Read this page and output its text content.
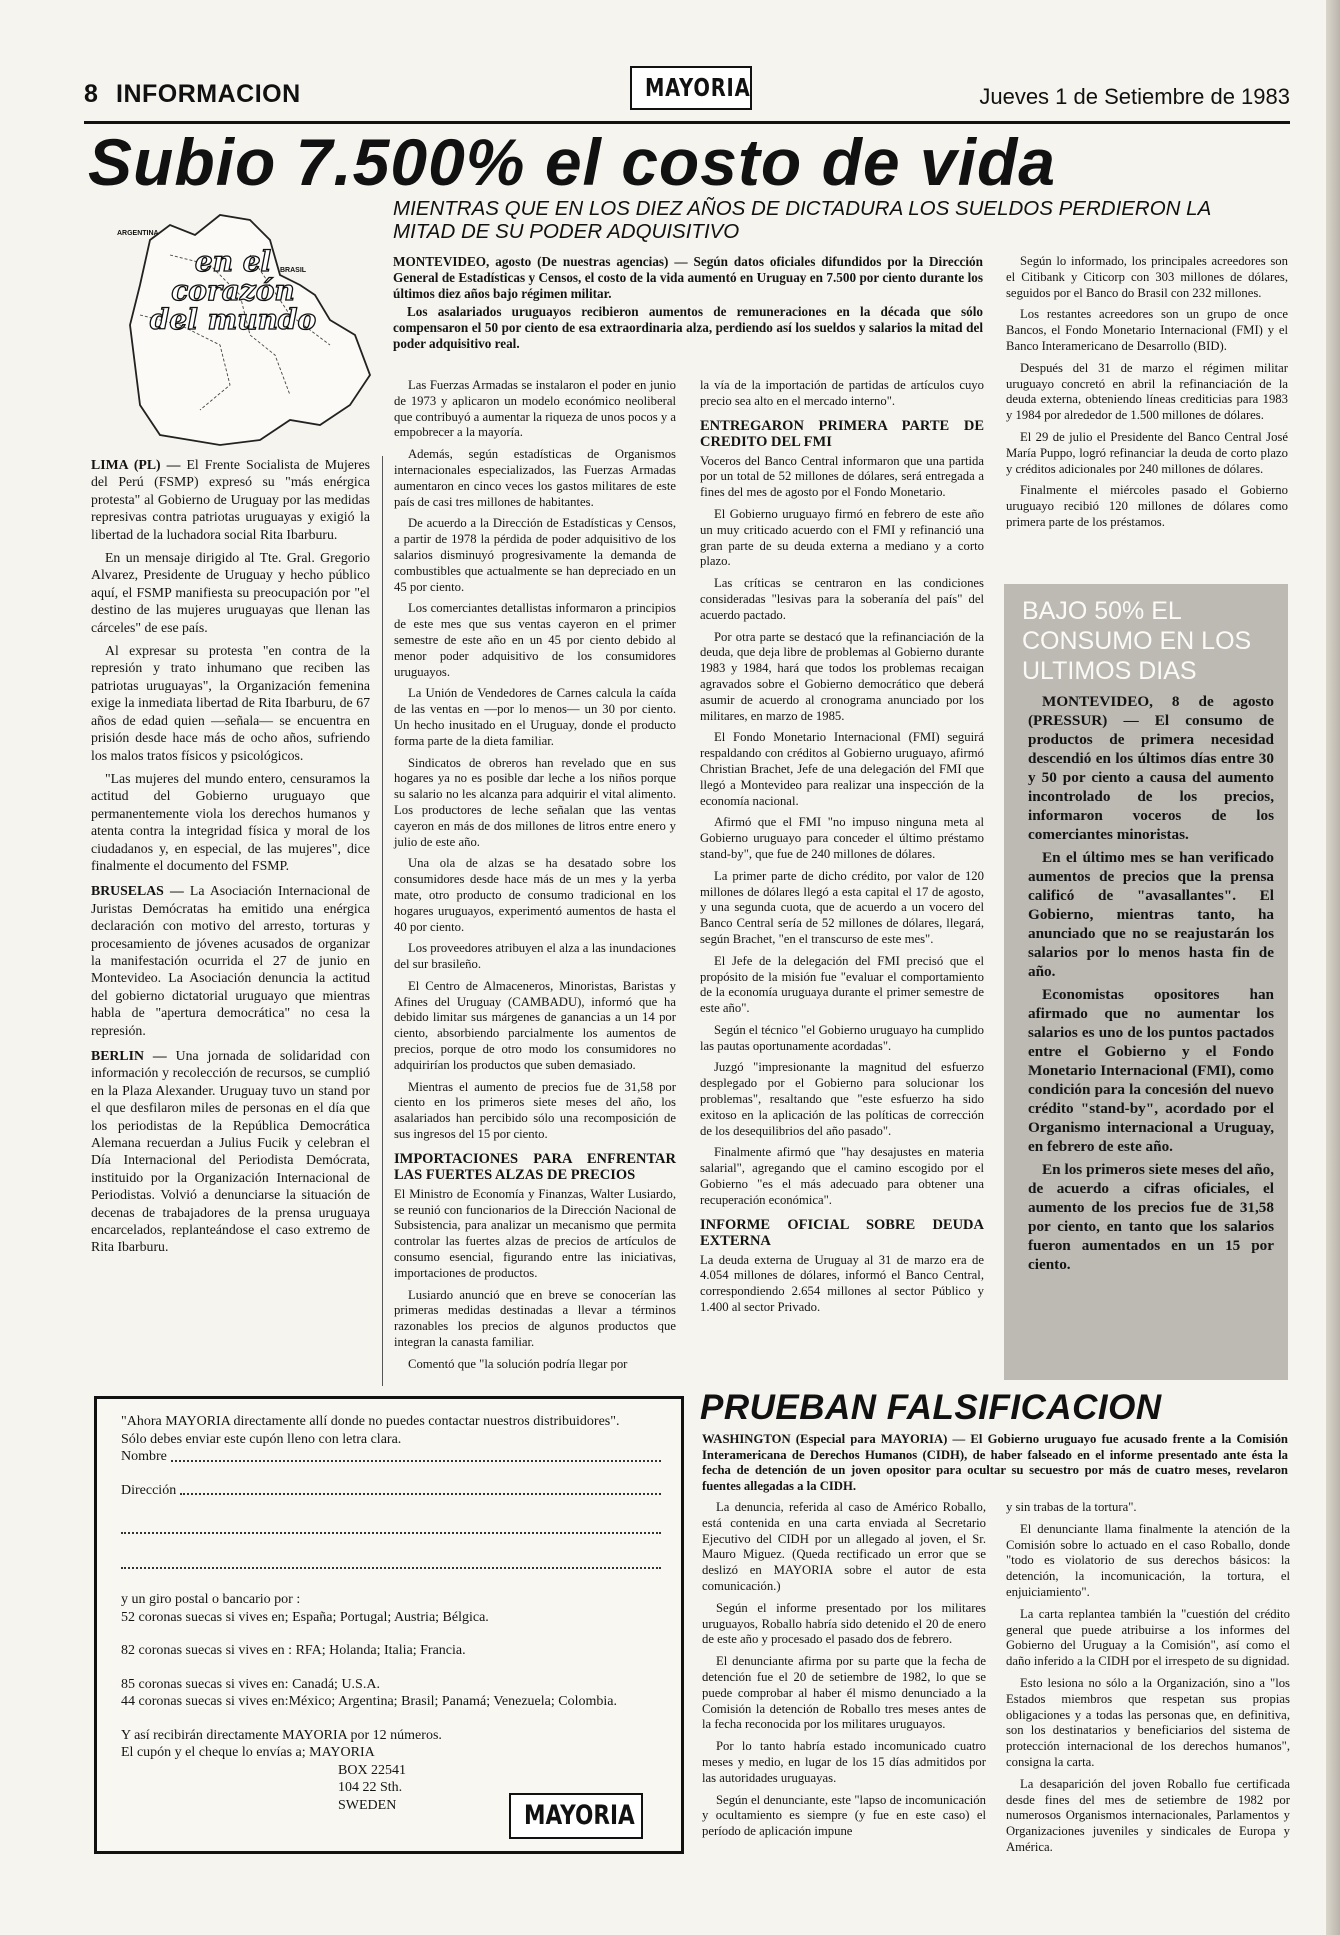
8 INFORMACION	MAYORIA	Jueves 1 de Setiembre de 1983
Subio 7.500% el costo de vida
MIENTRAS QUE EN LOS DIEZ AÑOS DE DICTADURA LOS SUELDOS PERDIERON LA MITAD DE SU PODER ADQUISITIVO
ARGENTINA
BRASIL
en el
corazón
del mundo

LIMA (PL) — El Frente Socialista de Mujeres del Perú (FSMP) expresó su "más enérgica protesta" al Gobierno de Uruguay por las medidas represivas contra patriotas uruguayas y exigió la libertad de la luchadora social Rita Ibarburu.

En un mensaje dirigido al Tte. Gral. Gregorio Alvarez, Presidente de Uruguay y hecho público aquí, el FSMP manifiesta su preocupación por "el destino de las mujeres uruguayas que llenan las cárceles" de ese país.

Al expresar su protesta "en contra de la represión y trato inhumano que reciben las patriotas uruguayas", la Organización femenina exige la inmediata libertad de Rita Ibarburu, de 67 años de edad quien —señala— se encuentra en prisión desde hace más de ocho años, sufriendo los malos tratos físicos y psicológicos.

"Las mujeres del mundo entero, censuramos la actitud del Gobierno uruguayo que permanentemente viola los derechos humanos y atenta contra la integridad física y moral de los ciudadanos y, en especial, de las mujeres", dice finalmente el documento del FSMP.

BRUSELAS — La Asociación Internacional de Juristas Demócratas ha emitido una enérgica declaración con motivo del arresto, torturas y procesamiento de jóvenes acusados de organizar la manifestación ocurrida el 27 de junio en Montevideo. La Asociación denuncia la actitud del gobierno dictatorial uruguayo que mientras habla de "apertura democrática" no cesa la represión.

BERLIN — Una jornada de solidaridad con información y recolección de recursos, se cumplió en la Plaza Alexander. Uruguay tuvo un stand por el que desfilaron miles de personas en el día que los periodistas de la República Democrática Alemana recuerdan a Julius Fucik y celebran el Día Internacional del Periodista Demócrata, instituido por la Organización Internacional de Periodistas. Volvió a denunciarse la situación de decenas de trabajadores de la prensa uruguaya encarcelados, replanteándose el caso extremo de Rita Ibarburu.

MONTEVIDEO, agosto (De nuestras agencias) — Según datos oficiales difundidos por la Dirección General de Estadísticas y Censos, el costo de la vida aumentó en Uruguay en 7.500 por ciento durante los últimos diez años bajo régimen militar.
Los asalariados uruguayos recibieron aumentos de remuneraciones en la década que sólo compensaron el 50 por ciento de esa extraordinaria alza, perdiendo así los sueldos y salarios la mitad del poder adquisitivo real.

Las Fuerzas Armadas se instalaron el poder en junio de 1973 y aplicaron un modelo económico neoliberal que contribuyó a aumentar la riqueza de unos pocos y a empobrecer a la mayoría.

Además, según estadísticas de Organismos internacionales especializados, las Fuerzas Armadas aumentaron en cinco veces los gastos militares de este país de casi tres millones de habitantes.

De acuerdo a la Dirección de Estadísticas y Censos, a partir de 1978 la pérdida de poder adquisitivo de los salarios disminuyó progresivamente la demanda de combustibles que actualmente se han depreciado en un 45 por ciento.

Los comerciantes detallistas informaron a principios de este mes que sus ventas cayeron en el primer semestre de este año en un 45 por ciento debido al menor poder adquisitivo de los consumidores uruguayos.

La Unión de Vendedores de Carnes calcula la caída de las ventas en —por lo menos— un 30 por ciento. Un hecho inusitado en el Uruguay, donde el producto forma parte de la dieta familiar.

Sindicatos de obreros han revelado que en sus hogares ya no es posible dar leche a los niños porque su salario no les alcanza para adquirir el vital alimento. Los productores de leche señalan que las ventas cayeron en más de dos millones de litros entre enero y julio de este año.

Una ola de alzas se ha desatado sobre los consumidores desde hace más de un mes y la yerba mate, otro producto de consumo tradicional en los hogares uruguayos, experimentó aumentos de hasta el 40 por ciento.

Los proveedores atribuyen el alza a las inundaciones del sur brasileño.

El Centro de Almaceneros, Minoristas, Baristas y Afines del Uruguay (CAMBADU), informó que ha debido limitar sus márgenes de ganancias a un 14 por ciento, absorbiendo parcialmente los aumentos de precios, porque de otro modo los consumidores no adquirirían los productos que suben demasiado.

Mientras el aumento de precios fue de 31,58 por ciento en los primeros siete meses del año, los asalariados han percibido sólo una recomposición de sus ingresos del 15 por ciento.

IMPORTACIONES PARA ENFRENTAR LAS FUERTES ALZAS DE PRECIOS

El Ministro de Economía y Finanzas, Walter Lusiardo, se reunió con funcionarios de la Dirección Nacional de Subsistencia, para analizar un mecanismo que permita controlar las fuertes alzas de precios de artículos de consumo esencial, figurando entre las iniciativas, importaciones de productos.

Lusiardo anunció que en breve se conocerían las primeras medidas destinadas a llevar a términos razonables los precios de algunos productos que integran la canasta familiar.

Comentó que "la solución podría llegar por

la vía de la importación de partidas de artículos cuyo precio sea alto en el mercado interno".

ENTREGARON PRIMERA PARTE DE CREDITO DEL FMI

Voceros del Banco Central informaron que una partida por un total de 52 millones de dólares, será entregada a fines del mes de agosto por el Fondo Monetario.

El Gobierno uruguayo firmó en febrero de este año un muy criticado acuerdo con el FMI y refinanció una gran parte de su deuda externa a mediano y a corto plazo.

Las críticas se centraron en las condiciones consideradas "lesivas para la soberanía del país" del acuerdo pactado.

Por otra parte se destacó que la refinanciación de la deuda, que deja libre de problemas al Gobierno durante 1983 y 1984, hará que todos los problemas recaigan agravados sobre el Gobierno democrático que deberá asumir de acuerdo al cronograma anunciado por los militares, en marzo de 1985.

El Fondo Monetario Internacional (FMI) seguirá respaldando con créditos al Gobierno uruguayo, afirmó Christian Brachet, Jefe de una delegación del FMI que llegó a Montevideo para realizar una inspección de la economía nacional.

Afirmó que el FMI "no impuso ninguna meta al Gobierno uruguayo para conceder el último préstamo stand-by", que fue de 240 millones de dólares.

La primer parte de dicho crédito, por valor de 120 millones de dólares llegó a esta capital el 17 de agosto, y una segunda cuota, que de acuerdo a un vocero del Banco Central sería de 52 millones de dólares, llegará, según Brachet, "en el transcurso de este mes".

El Jefe de la delegación del FMI precisó que el propósito de la misión fue "evaluar el comportamiento de la economía uruguaya durante el primer semestre de este año".

Según el técnico "el Gobierno uruguayo ha cumplido las pautas oportunamente acordadas".

Juzgó "impresionante la magnitud del esfuerzo desplegado por el Gobierno para solucionar los problemas", resaltando que "este esfuerzo ha sido exitoso en la aplicación de las políticas de corrección de los desequilibrios del año pasado".

Finalmente afirmó que "hay desajustes en materia salarial", agregando que el camino escogido por el Gobierno "es el más adecuado para obtener una recuperación económica".

INFORME OFICIAL SOBRE DEUDA EXTERNA

La deuda externa de Uruguay al 31 de marzo era de 4.054 millones de dólares, informó el Banco Central, correspondiendo 2.654 millones al sector Público y 1.400 al sector Privado.

Según lo informado, los principales acreedores son el Citibank y Citicorp con 303 millones de dólares, seguidos por el Banco do Brasil con 232 millones.

Los restantes acreedores son un grupo de once Bancos, el Fondo Monetario Internacional (FMI) y el Banco Interamericano de Desarrollo (BID).

Después del 31 de marzo el régimen militar uruguayo concretó en abril la refinanciación de la deuda externa, obteniendo líneas crediticias para 1983 y 1984 por alrededor de 1.500 millones de dólares.

El 29 de julio el Presidente del Banco Central José María Puppo, logró refinanciar la deuda de corto plazo y créditos adicionales por 240 millones de dólares.

Finalmente el miércoles pasado el Gobierno uruguayo recibió 120 millones de dólares como primera parte de los préstamos.

BAJO 50% EL CONSUMO EN LOS ULTIMOS DIAS

MONTEVIDEO, 8 de agosto (PRESSUR) — El consumo de productos de primera necesidad descendió en los últimos días entre 30 y 50 por ciento a causa del aumento incontrolado de los precios, informaron voceros de los comerciantes minoristas.

En el último mes se han verificado aumentos de precios que la prensa calificó de "avasallantes". El Gobierno, mientras tanto, ha anunciado que no se reajustarán los salarios por lo menos hasta fin de año.

Economistas opositores han afirmado que no aumentar los salarios es uno de los puntos pactados entre el Gobierno y el Fondo Monetario Internacional (FMI), como condición para la concesión del nuevo crédito "stand-by", acordado por el Organismo internacional a Uruguay, en febrero de este año.

En los primeros siete meses del año, de acuerdo a cifras oficiales, el aumento de los precios fue de 31,58 por ciento, en tanto que los salarios fueron aumentados en un 15 por ciento.

"Ahora MAYORIA directamente allí donde no puedes contactar nuestros distribuidores".
Sólo debes enviar este cupón lleno con letra clara.
Nombre
Dirección
y un giro postal o bancario por :
52 coronas suecas si vives en; España; Portugal; Austria; Bélgica.
82 coronas suecas si vives en : RFA; Holanda; Italia; Francia.
85 coronas suecas si vives en: Canadá; U.S.A.
44 coronas suecas si vives en:México; Argentina; Brasil; Panamá; Venezuela; Colombia.
Y así recibirán directamente MAYORIA por 12 números.
El cupón y el cheque lo envías a; MAYORIA
BOX 22541
104 22 Sth.
SWEDEN	MAYORIA
PRUEBAN FALSIFICACION
WASHINGTON (Especial para MAYORIA) — El Gobierno uruguayo fue acusado frente a la Comisión Interamericana de Derechos Humanos (CIDH), de haber falseado en el informe presentado ante ésta la fecha de detención de un joven opositor para ocultar su secuestro por más de cuatro meses, revelaron fuentes allegadas a la CIDH.

La denuncia, referida al caso de Américo Roballo, está contenida en una carta enviada al Secretario Ejecutivo del CIDH por un allegado al joven, el Sr. Mauro Miguez. (Queda rectificado un error que se deslizó en MAYORIA sobre el autor de esta comunicación.)

Según el informe presentado por los militares uruguayos, Roballo habría sido detenido el 20 de enero de este año y procesado el pasado dos de febrero.

El denunciante afirma por su parte que la fecha de detención fue el 20 de setiembre de 1982, lo que se puede comprobar al haber él mismo denunciado a la Comisión la detención de Roballo tres meses antes de la fecha reconocida por los militares uruguayos.

Por lo tanto habría estado incomunicado cuatro meses y medio, en lugar de los 15 días admitidos por las autoridades uruguayas.

Según el denunciante, este "lapso de incomunicación y ocultamiento es siempre (y fue en este caso) el período de aplicación impune

y sin trabas de la tortura".

El denunciante llama finalmente la atención de la Comisión sobre lo actuado en el caso Roballo, donde "todo es violatorio de sus derechos básicos: la detención, la incomunicación, la tortura, el enjuiciamiento".

La carta replantea también la "cuestión del crédito general que puede atribuirse a los informes del Gobierno del Uruguay a la Comisión", así como el daño inferido a la CIDH por el irrespeto de su dignidad.

Esto lesiona no sólo a la Organización, sino a "los Estados miembros que respetan sus propias obligaciones y a todas las personas que, en definitiva, son los destinatarios y beneficiarios del sistema de protección internacional de los derechos humanos", consigna la carta.

La desaparición del joven Roballo fue certificada desde fines del mes de setiembre de 1982 por numerosos Organismos internacionales, Parlamentos y Organizaciones juveniles y sindicales de Europa y América.
